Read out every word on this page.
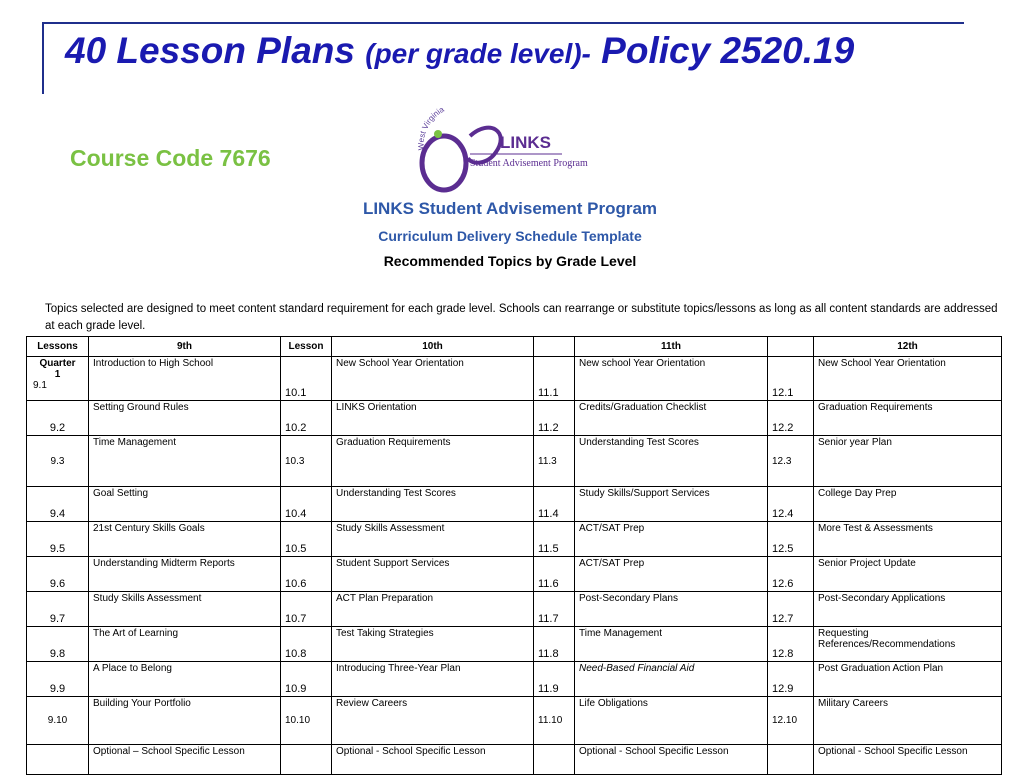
40 Lesson Plans (per grade level)- Policy 2520.19
Course Code 7676	West Virginia
LINKS
Student Advisement Program
LINKS Student Advisement Program
Curriculum Delivery Schedule Template
Recommended Topics by Grade Level
Topics selected are designed to meet content standard requirement for each grade level. Schools can rearrange or substitute topics/lessons as long as all content standards are addressed at each grade level.
Lessons	9th	Lesson	10th		11th		12th

Quarter
1
9.1	Introduction to High School	10.1	New School Year Orientation	11.1	New school Year Orientation	12.1	New School Year Orientation
9.2	Setting Ground Rules	10.2	LINKS Orientation	11.2	Credits/Graduation Checklist	12.2	Graduation Requirements
9.3	Time Management	10.3	Graduation Requirements	11.3	Understanding Test Scores	12.3	Senior year Plan
9.4	Goal Setting	10.4	Understanding Test Scores	11.4	Study Skills/Support Services	12.4	College Day Prep
9.5	21st Century Skills Goals	10.5	Study Skills Assessment	11.5	ACT/SAT Prep	12.5	More Test & Assessments
9.6	Understanding Midterm Reports	10.6	Student Support Services	11.6	ACT/SAT Prep	12.6	Senior Project Update
9.7	Study Skills Assessment	10.7	ACT Plan Preparation	11.7	Post-Secondary Plans	12.7	Post-Secondary Applications
9.8	The Art of Learning	10.8	Test Taking Strategies	11.8	Time Management	12.8	Requesting References/Recommendations
9.9	A Place to Belong	10.9	Introducing Three-Year Plan	11.9	Need-Based Financial Aid	12.9	Post Graduation Action Plan
9.10	Building Your Portfolio	10.10	Review Careers	11.10	Life Obligations	12.10	Military Careers
	Optional – School Specific Lesson		Optional - School Specific Lesson		Optional - School Specific Lesson		Optional - School Specific Lesson
